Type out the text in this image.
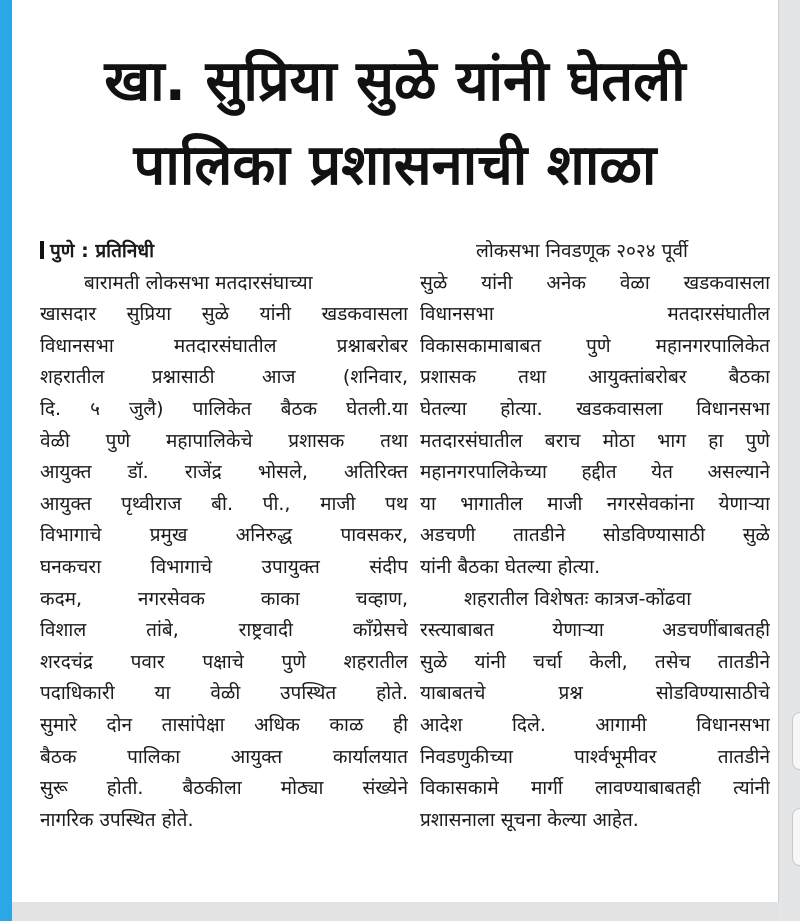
खा. सुप्रिया सुळे यांनी घेतली
पालिका प्रशासनाची शाळा
पुणे : प्रतिनिधी
बारामती लोकसभा मतदारसंघाच्या
खासदार सुप्रिया सुळे यांनी खडकवासला
विधानसभा मतदारसंघातील प्रश्नाबरोबर
शहरातील प्रश्नासाठी आज (शनिवार,
दि. ५ जुलै) पालिकेत बैठक घेतली.या
वेळी पुणे महापालिकेचे प्रशासक तथा
आयुक्त डॉ. राजेंद्र भोसले, अतिरिक्त
आयुक्त पृथ्वीराज बी. पी., माजी पथ
विभागाचे प्रमुख अनिरुद्ध पावसकर,
घनकचरा विभागाचे उपायुक्त संदीप
कदम, नगरसेवक काका चव्हाण,
विशाल तांबे, राष्ट्रवादी काँग्रेसचे
शरदचंद्र पवार पक्षाचे पुणे शहरातील
पदाधिकारी या वेळी उपस्थित होते.
सुमारे दोन तासांपेक्षा अधिक काळ ही
बैठक पालिका आयुक्त कार्यालयात
सुरू होती. बैठकीला मोठ्या संख्येने
नागरिक उपस्थित होते.
लोकसभा निवडणूक २०२४ पूर्वी
सुळे यांनी अनेक वेळा खडकवासला
विधानसभा मतदारसंघातील
विकासकामाबाबत पुणे महानगरपालिकेत
प्रशासक तथा आयुक्तांबरोबर बैठका
घेतल्या होत्या. खडकवासला विधानसभा
मतदारसंघातील बराच मोठा भाग हा पुणे
महानगरपालिकेच्या हद्दीत येत असल्याने
या भागातील माजी नगरसेवकांना येणाऱ्या
अडचणी तातडीने सोडविण्यासाठी सुळे
यांनी बैठका घेतल्या होत्या.
शहरातील विशेषतः कात्रज-कोंढवा
रस्त्याबाबत येणाऱ्या अडचणींबाबतही
सुळे यांनी चर्चा केली, तसेच तातडीने
याबाबतचे प्रश्न सोडविण्यासाठीचे
आदेश दिले. आगामी विधानसभा
निवडणुकीच्या पार्श्वभूमीवर तातडीने
विकासकामे मार्गी लावण्याबाबतही त्यांनी
प्रशासनाला सूचना केल्या आहेत.
